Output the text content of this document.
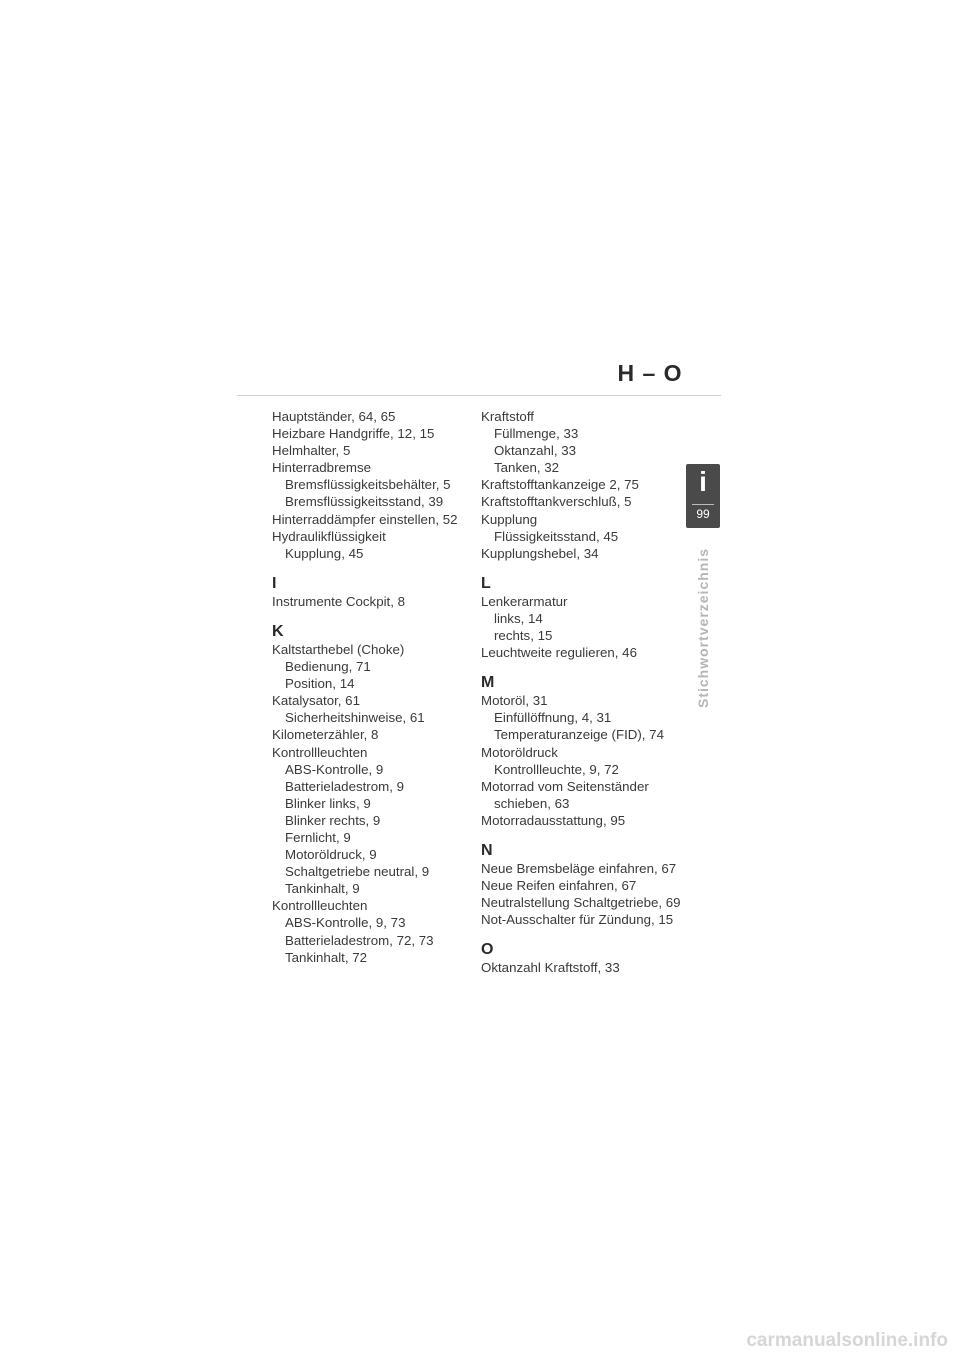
H – O
Hauptständer, 64, 65
Heizbare Handgriffe, 12, 15
Helmhalter, 5
Hinterradbremse
Bremsflüssigkeitsbehälter, 5
Bremsflüssigkeitsstand, 39
Hinterraddämpfer einstellen, 52
Hydraulikflüssigkeit
Kupplung, 45
I
Instrumente Cockpit, 8
K
Kaltstarthebel (Choke)
Bedienung, 71
Position, 14
Katalysator, 61
Sicherheitshinweise, 61
Kilometerzähler, 8
Kontrollleuchten
ABS-Kontrolle, 9
Batterieladestrom, 9
Blinker links, 9
Blinker rechts, 9
Fernlicht, 9
Motoröldruck, 9
Schaltgetriebe neutral, 9
Tankinhalt, 9
Kontrollleuchten
ABS-Kontrolle, 9, 73
Batterieladestrom, 72, 73
Tankinhalt, 72
Kraftstoff
Füllmenge, 33
Oktanzahl, 33
Tanken, 32
Kraftstofftankanzeige 2, 75
Kraftstofftankverschluß, 5
Kupplung
Flüssigkeitsstand, 45
Kupplungshebel, 34
L
Lenkerarmatur
links, 14
rechts, 15
Leuchtweite regulieren, 46
M
Motoröl, 31
Einfüllöffnung, 4, 31
Temperaturanzeige (FID), 74
Motoröldruck
Kontrollleuchte, 9, 72
Motorrad vom Seitenständer
schieben, 63
Motorradausstattung, 95
N
Neue Bremsbeläge einfahren, 67
Neue Reifen einfahren, 67
Neutralstellung Schaltgetriebe, 69
Not-Ausschalter für Zündung, 15
O
Oktanzahl Kraftstoff, 33
i
99
Stichwortverzeichnis
carmanualsonline.info
